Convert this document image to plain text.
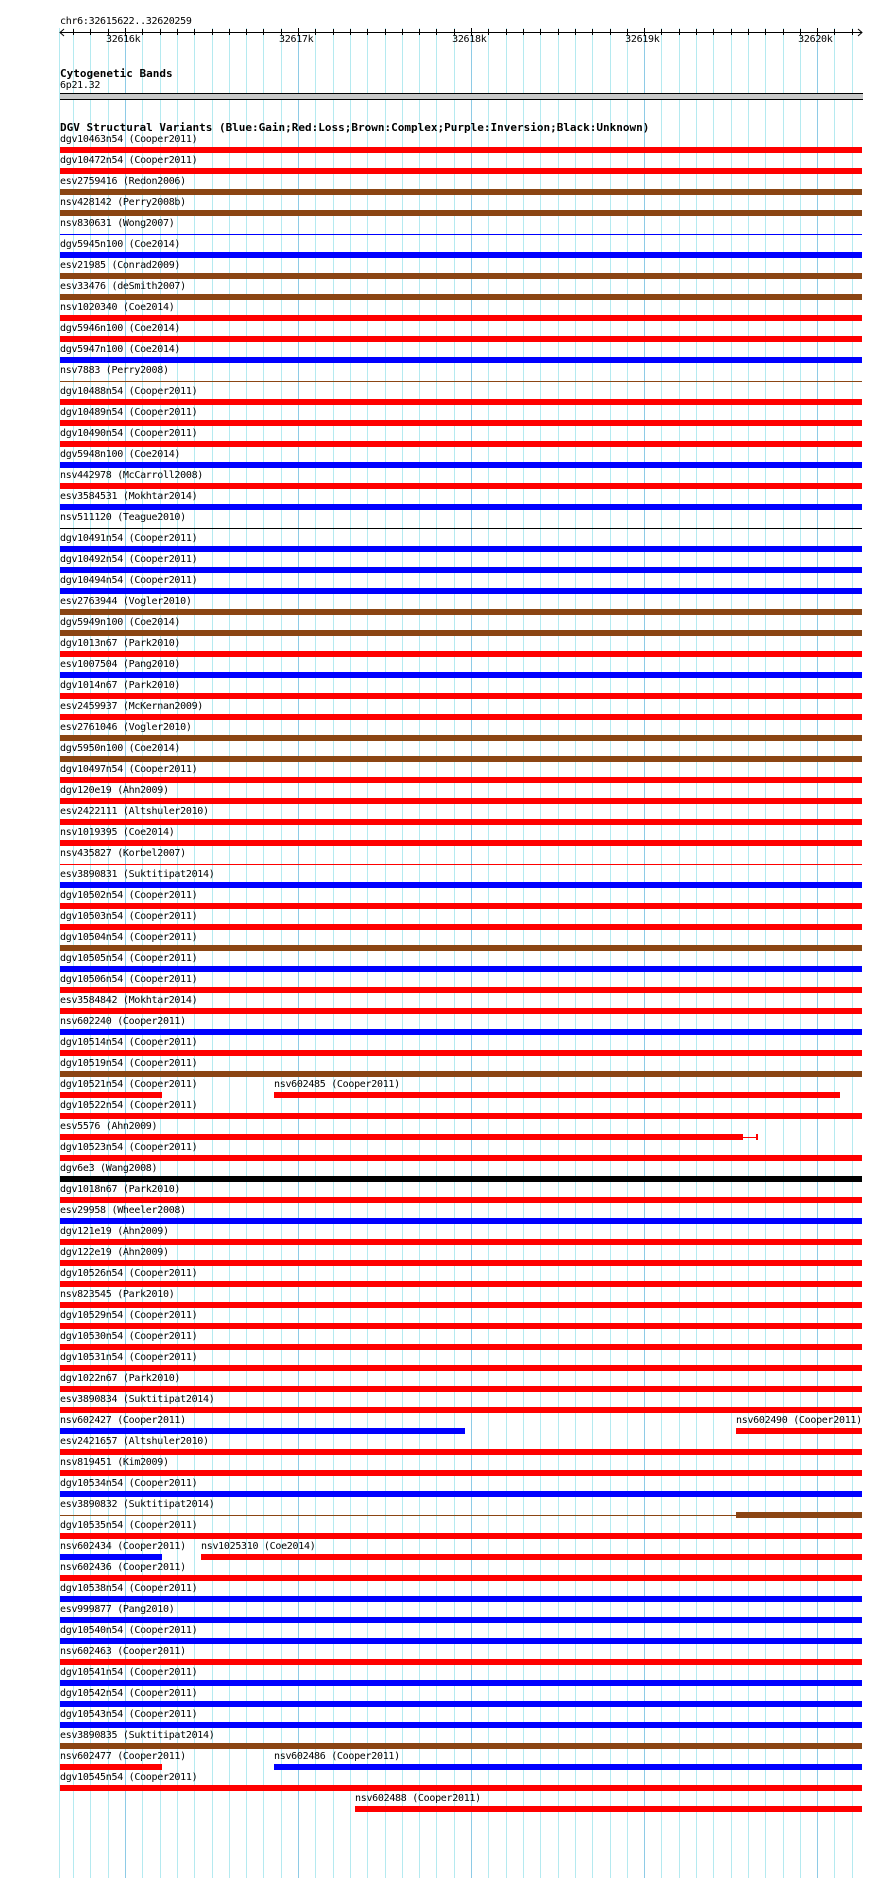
chr6:32615622..32620259
32616k	32617k	32618k	32619k	32620k
Cytogenetic Bands
6p21.32
DGV Structural Variants (Blue:Gain;Red:Loss;Brown:Complex;Purple:Inversion;Black:Unknown)
dgv10463n54 (Cooper2011)
dgv10472n54 (Cooper2011)
esv2759416 (Redon2006)
nsv428142 (Perry2008b)
nsv830631 (Wong2007)
dgv5945n100 (Coe2014)
esv21985 (Conrad2009)
esv33476 (deSmith2007)
nsv1020340 (Coe2014)
dgv5946n100 (Coe2014)
dgv5947n100 (Coe2014)
nsv7883 (Perry2008)
dgv10488n54 (Cooper2011)
dgv10489n54 (Cooper2011)
dgv10490n54 (Cooper2011)
dgv5948n100 (Coe2014)
nsv442978 (McCarroll2008)
esv3584531 (Mokhtar2014)
nsv511120 (Teague2010)
dgv10491n54 (Cooper2011)
dgv10492n54 (Cooper2011)
dgv10494n54 (Cooper2011)
esv2763944 (Vogler2010)
dgv5949n100 (Coe2014)
dgv1013n67 (Park2010)
esv1007504 (Pang2010)
dgv1014n67 (Park2010)
esv2459937 (McKernan2009)
esv2761046 (Vogler2010)
dgv5950n100 (Coe2014)
dgv10497n54 (Cooper2011)
dgv120e19 (Ahn2009)
esv2422111 (Altshuler2010)
nsv1019395 (Coe2014)
nsv435827 (Korbel2007)
esv3890831 (Suktitipat2014)
dgv10502n54 (Cooper2011)
dgv10503n54 (Cooper2011)
dgv10504n54 (Cooper2011)
dgv10505n54 (Cooper2011)
dgv10506n54 (Cooper2011)
esv3584842 (Mokhtar2014)
nsv602240 (Cooper2011)
dgv10514n54 (Cooper2011)
dgv10519n54 (Cooper2011)
dgv10521n54 (Cooper2011)	nsv602485 (Cooper2011)
dgv10522n54 (Cooper2011)
esv5576 (Ahn2009)
dgv10523n54 (Cooper2011)
dgv6e3 (Wang2008)
dgv1018n67 (Park2010)
esv29958 (Wheeler2008)
dgv121e19 (Ahn2009)
dgv122e19 (Ahn2009)
dgv10526n54 (Cooper2011)
nsv823545 (Park2010)
dgv10529n54 (Cooper2011)
dgv10530n54 (Cooper2011)
dgv10531n54 (Cooper2011)
dgv1022n67 (Park2010)
esv3890834 (Suktitipat2014)
nsv602427 (Cooper2011)	nsv602490 (Cooper2011)
esv2421657 (Altshuler2010)
nsv819451 (Kim2009)
dgv10534n54 (Cooper2011)
esv3890832 (Suktitipat2014)
dgv10535n54 (Cooper2011)
nsv602434 (Cooper2011) nsv1025310 (Coe2014)
nsv602436 (Cooper2011)
dgv10538n54 (Cooper2011)
esv999877 (Pang2010)
dgv10540n54 (Cooper2011)
nsv602463 (Cooper2011)
dgv10541n54 (Cooper2011)
dgv10542n54 (Cooper2011)
dgv10543n54 (Cooper2011)
esv3890835 (Suktitipat2014)
nsv602477 (Cooper2011)	nsv602486 (Cooper2011)
dgv10545n54 (Cooper2011)
nsv602488 (Cooper2011)
